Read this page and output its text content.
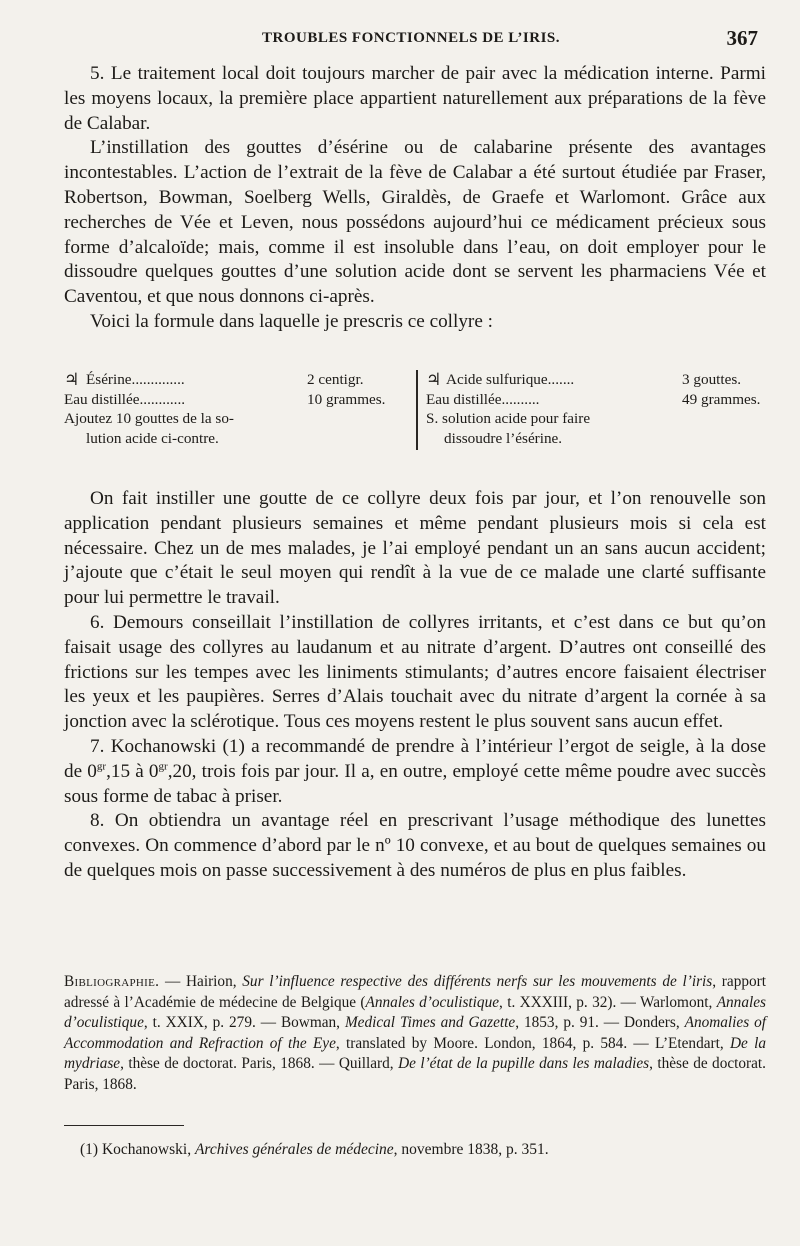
TROUBLES FONCTIONNELS DE L’IRIS.	367

5. Le traitement local doit toujours marcher de pair avec la médication interne. Parmi les moyens locaux, la première place appartient naturellement aux préparations de la fève de Calabar.

L’instillation des gouttes d’ésérine ou de calabarine présente des avantages incontestables. L’action de l’extrait de la fève de Calabar a été surtout étudiée par Fraser, Robertson, Bowman, Soelberg Wells, Giraldès, de Graefe et Warlomont. Grâce aux recherches de Vée et Leven, nous possédons aujourd’hui ce médicament précieux sous forme d’alcaloïde; mais, comme il est insoluble dans l’eau, on doit employer pour le dissoudre quelques gouttes d’une solution acide dont se servent les pharmaciens Vée et Caventou, et que nous donnons ci-après.

Voici la formule dans laquelle je prescris ce collyre :

♃ Ésérine..............	2 centigr.
Eau distillée............	10 grammes.
Ajoutez 10 gouttes de la so-
lution acide ci-contre.
♃ Acide sulfurique.......	3 gouttes.
Eau distillée..........	49 grammes.
S. solution acide pour faire
dissoudre l’ésérine.

On fait instiller une goutte de ce collyre deux fois par jour, et l’on renouvelle son application pendant plusieurs semaines et même pendant plusieurs mois si cela est nécessaire. Chez un de mes malades, je l’ai employé pendant un an sans aucun accident; j’ajoute que c’était le seul moyen qui rendît à la vue de ce malade une clarté suffisante pour lui permettre le travail.

6. Demours conseillait l’instillation de collyres irritants, et c’est dans ce but qu’on faisait usage des collyres au laudanum et au nitrate d’argent. D’autres ont conseillé des frictions sur les tempes avec les liniments stimulants; d’autres encore faisaient électriser les yeux et les paupières. Serres d’Alais touchait avec du nitrate d’argent la cornée à sa jonction avec la sclérotique. Tous ces moyens restent le plus souvent sans aucun effet.

7. Kochanowski (1) a recommandé de prendre à l’intérieur l’ergot de seigle, à la dose de $0^{gr},15$ à $0^{gr},20$, trois fois par jour. Il a, en outre, employé cette même poudre avec succès sous forme de tabac à priser.

8. On obtiendra un avantage réel en prescrivant l’usage méthodique des lunettes convexes. On commence d’abord par le nº 10 convexe, et au bout de quelques semaines ou de quelques mois on passe successivement à des numéros de plus en plus faibles.

Bibliographie. — Hairion, Sur l’influence respective des différents nerfs sur les mouvements de l’iris, rapport adressé à l’Académie de médecine de Belgique (Annales d’oculistique, t. XXXIII, p. 32). — Warlomont, Annales d’oculistique, t. XXIX, p. 279. — Bowman, Medical Times and Gazette, 1853, p. 91. — Donders, Anomalies of Accommodation and Refraction of the Eye, translated by Moore. London, 1864, p. 584. — L’Etendart, De la mydriase, thèse de doctorat. Paris, 1868. — Quillard, De l’état de la pupille dans les maladies, thèse de doctorat. Paris, 1868.
(1) Kochanowski, Archives générales de médecine, novembre 1838, p. 351.
